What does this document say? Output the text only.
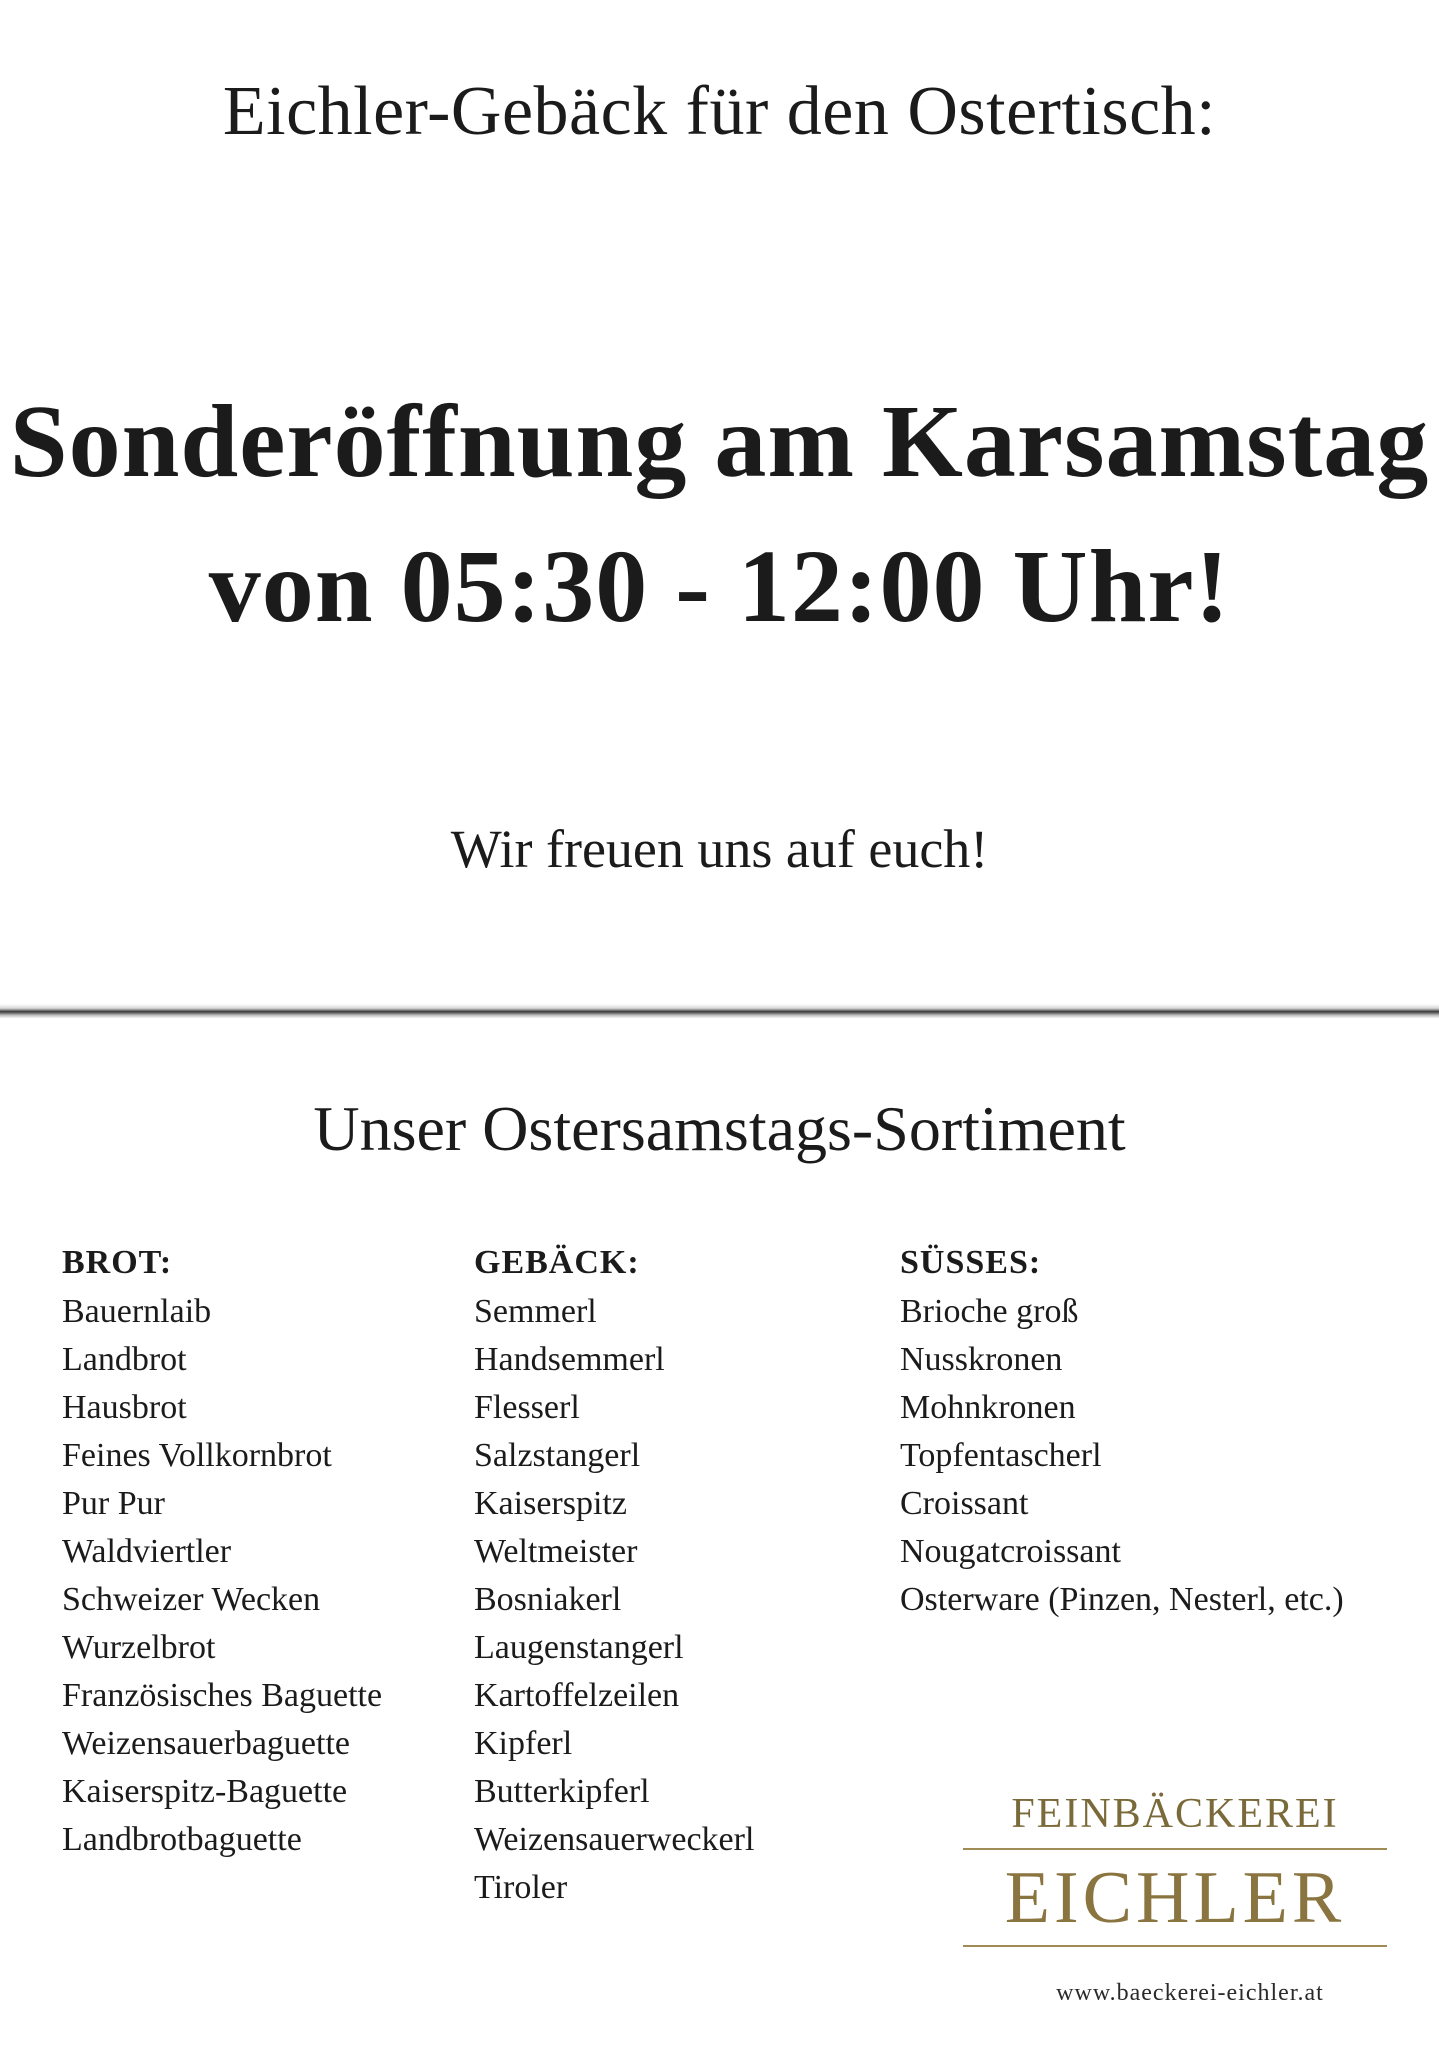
Eichler-Gebäck für den Ostertisch:
Sonderöffnung am Karsamstag
von 05:30 - 12:00 Uhr!
Wir freuen uns auf euch!
Unser Ostersamstags-Sortiment
BROT:
Bauernlaib
Landbrot
Hausbrot
Feines Vollkornbrot
Pur Pur
Waldviertler
Schweizer Wecken
Wurzelbrot
Französisches Baguette
Weizensauerbaguette
Kaiserspitz-Baguette
Landbrotbaguette
GEBÄCK:
Semmerl
Handsemmerl
Flesserl
Salzstangerl
Kaiserspitz
Weltmeister
Bosniakerl
Laugenstangerl
Kartoffelzeilen
Kipferl
Butterkipferl
Weizensauerweckerl
Tiroler
SÜSSES:
Brioche groß
Nusskronen
Mohnkronen
Topfentascherl
Croissant
Nougatcroissant
Osterware (Pinzen, Nesterl, etc.)
FEINBÄCKEREI
EICHLER
www.baeckerei-eichler.at
